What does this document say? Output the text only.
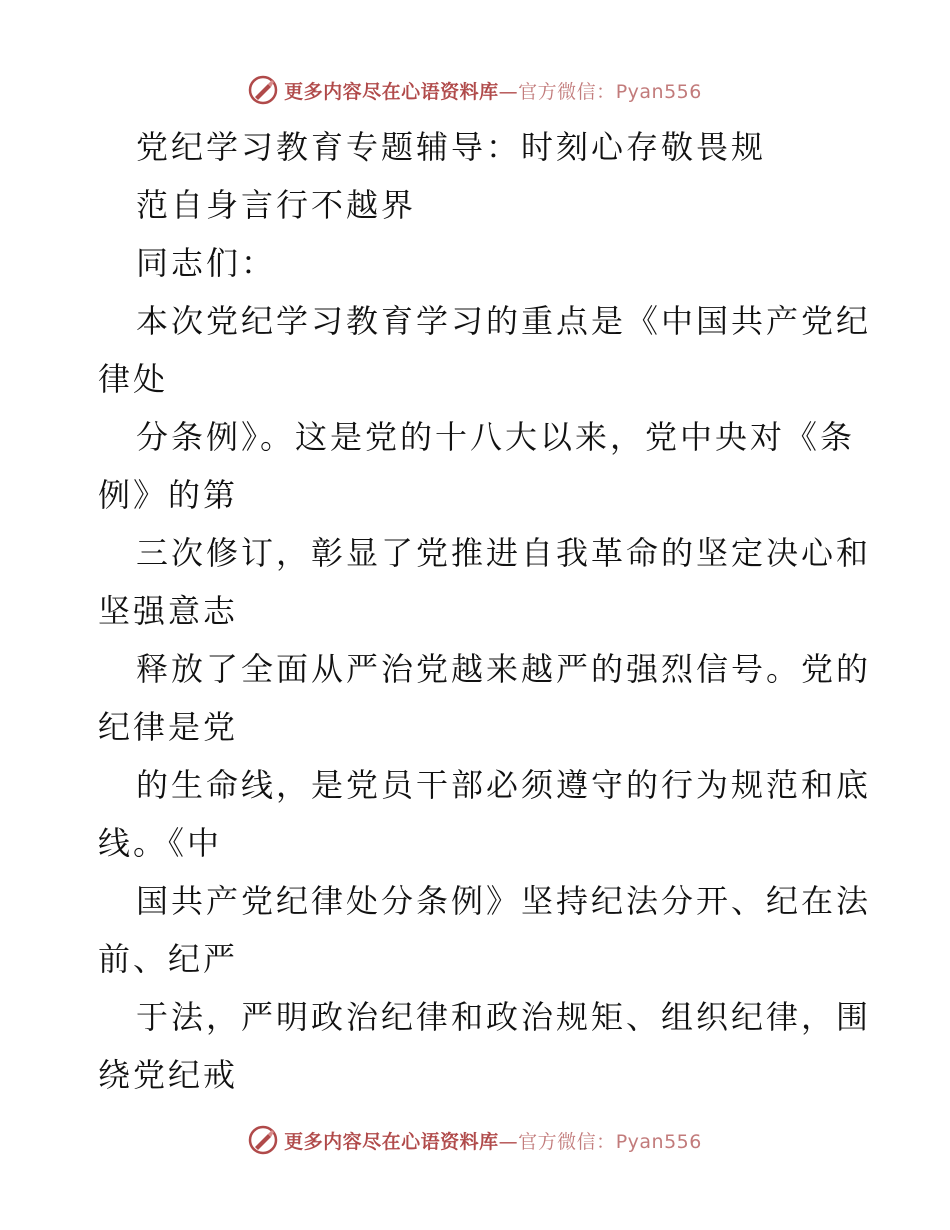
更多内容尽在心语资料库—官方微信：Pyan556
党纪学习教育专题辅导：时刻心存敬畏规
范自身言行不越界
同志们：
本次党纪学习教育学习的重点是《中国共产党纪
律处
分条例》。这是党的十八大以来，党中央对《条
例》的第
三次修订，彰显了党推进自我革命的坚定决心和
坚强意志
释放了全面从严治党越来越严的强烈信号。党的
纪律是党
的生命线，是党员干部必须遵守的行为规范和底
线。《中
国共产党纪律处分条例》坚持纪法分开、纪在法
前、纪严
于法，严明政治纪律和政治规矩、组织纪律，围
绕党纪戒
更多内容尽在心语资料库—官方微信：Pyan556
